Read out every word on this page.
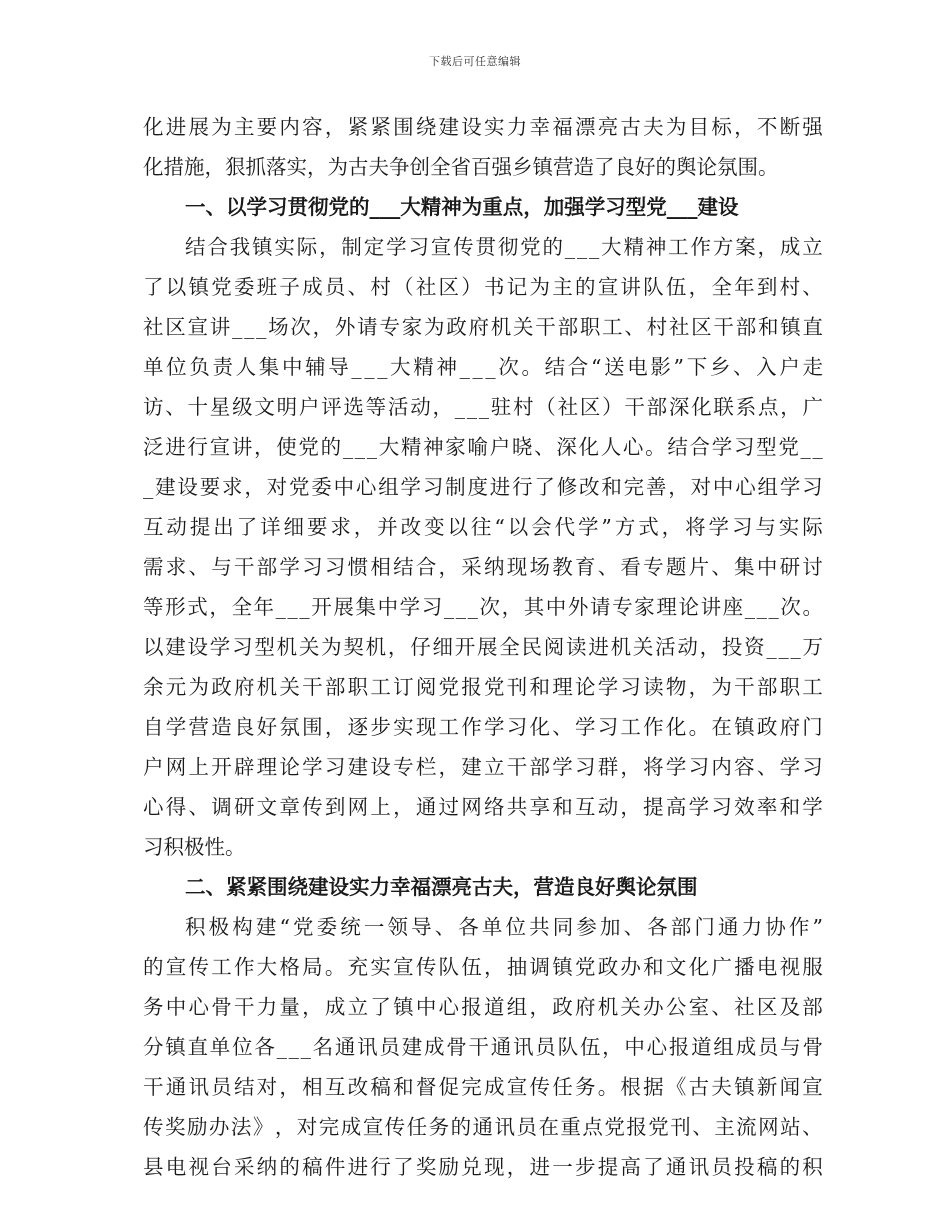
下载后可任意编辑
化 进 展 为 主 要 内 容 ， 紧 紧 围 绕 建 设 实 力 幸 福 漂 亮 古 夫 为 目 标 ， 不 断 强
化措施，狠抓落实，为古夫争创全省百强乡镇营造了良好的舆论氛围。
一、以学习贯彻党的___大精神为重点，加强学习型党___建设
结 合 我 镇 实 际 ， 制 定 学 习 宣 传 贯 彻 党 的 _ _ _ 大 精 神 工 作 方 案 ， 成 立
了 以 镇 党 委 班 子 成 员 、 村 （ 社 区 ） 书 记 为 主 的 宣 讲 队 伍 ， 全 年 到 村 、
社 区 宣 讲 _ _ _ 场 次 ， 外 请 专 家 为 政 府 机 关 干 部 职 工 、 村 社 区 干 部 和 镇 直
单 位 负 责 人 集 中 辅 导 _ _ _ 大 精 神 _ _ _ 次 。 结 合 “ 送 电 影 ” 下 乡 、 入 户 走
访 、 十 星 级 文 明 户 评 选 等 活 动 ， _ _ _ 驻 村 （ 社 区 ） 干 部 深 化 联 系 点 ， 广
泛 进 行 宣 讲 ， 使 党 的 _ _ _ 大 精 神 家 喻 户 晓 、 深 化 人 心 。 结 合 学 习 型 党 _ _
_ 建 设 要 求 ， 对 党 委 中 心 组 学 习 制 度 进 行 了 修 改 和 完 善 ， 对 中 心 组 学 习
互 动 提 出 了 详 细 要 求 ， 并 改 变 以 往 “ 以 会 代 学 ” 方 式 ， 将 学 习 与 实 际
需 求 、 与 干 部 学 习 习 惯 相 结 合 ， 采 纳 现 场 教 育 、 看 专 题 片 、 集 中 研 讨
等 形 式 ， 全 年 _ _ _ 开 展 集 中 学 习 _ _ _ 次 ， 其 中 外 请 专 家 理 论 讲 座 _ _ _ 次 。
以 建 设 学 习 型 机 关 为 契 机 ， 仔 细 开 展 全 民 阅 读 进 机 关 活 动 ， 投 资 _ _ _ 万
余 元 为 政 府 机 关 干 部 职 工 订 阅 党 报 党 刊 和 理 论 学 习 读 物 ， 为 干 部 职 工
自 学 营 造 良 好 氛 围 ， 逐 步 实 现 工 作 学 习 化 、 学 习 工 作 化 。 在 镇 政 府 门
户 网 上 开 辟 理 论 学 习 建 设 专 栏 ， 建 立 干 部 学 习 群 ， 将 学 习 内 容 、 学 习
心 得 、 调 研 文 章 传 到 网 上 ， 通 过 网 络 共 享 和 互 动 ， 提 高 学 习 效 率 和 学
习积极性。
二、紧紧围绕建设实力幸福漂亮古夫，营造良好舆论氛围
积 极 构 建 “ 党 委 统 一 领 导 、 各 单 位 共 同 参 加 、 各 部 门 通 力 协 作 ”
的 宣 传 工 作 大 格 局 。 充 实 宣 传 队 伍 ， 抽 调 镇 党 政 办 和 文 化 广 播 电 视 服
务 中 心 骨 干 力 量 ， 成 立 了 镇 中 心 报 道 组 ， 政 府 机 关 办 公 室 、 社 区 及 部
分 镇 直 单 位 各 _ _ _ 名 通 讯 员 建 成 骨 干 通 讯 员 队 伍 ， 中 心 报 道 组 成 员 与 骨
干 通 讯 员 结 对 ， 相 互 改 稿 和 督 促 完 成 宣 传 任 务 。 根 据 《 古 夫 镇 新 闻 宣
传 奖 励 办 法 》 ， 对 完 成 宣 传 任 务 的 通 讯 员 在 重 点 党 报 党 刊 、 主 流 网 站 、
县 电 视 台 采 纳 的 稿 件 进 行 了 奖 励 兑 现 ， 进 一 步 提 高 了 通 讯 员 投 稿 的 积
